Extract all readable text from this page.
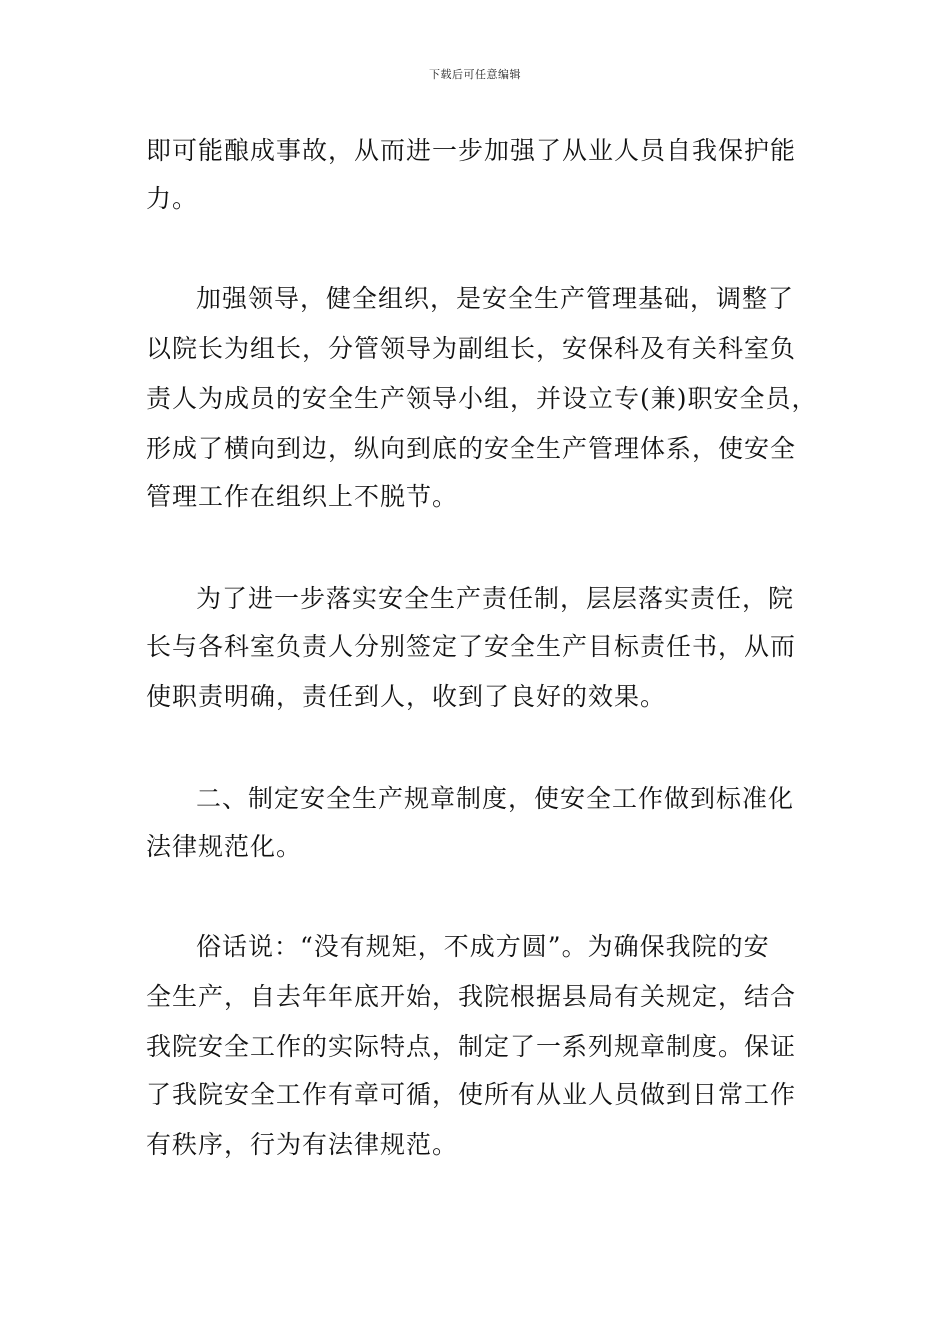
下载后可任意编辑
即可能酿成事故，从而进一步加强了从业人员自我保护能
力。
加强领导，健全组织，是安全生产管理基础，调整了
以院长为组长，分管领导为副组长，安保科及有关科室负
责人为成员的安全生产领导小组，并设立专(兼)职安全员，
形成了横向到边，纵向到底的安全生产管理体系，使安全
管理工作在组织上不脱节。
为了进一步落实安全生产责任制，层层落实责任，院
长与各科室负责人分别签定了安全生产目标责任书，从而
使职责明确，责任到人，收到了良好的效果。
二、制定安全生产规章制度，使安全工作做到标准化
法律规范化。
俗话说：“没有规矩，不成方圆”。为确保我院的安
全生产，自去年年底开始，我院根据县局有关规定，结合
我院安全工作的实际特点，制定了一系列规章制度。保证
了我院安全工作有章可循，使所有从业人员做到日常工作
有秩序，行为有法律规范。
